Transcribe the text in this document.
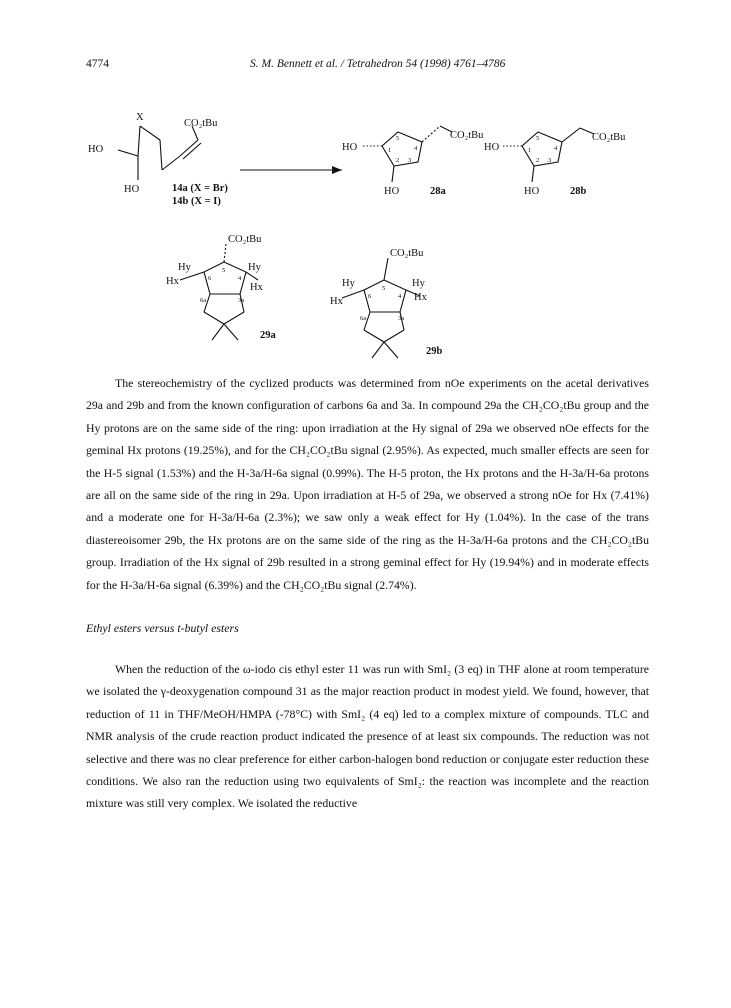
4774	S. M. Bennett et al. / Tetrahedron 54 (1998) 4761–4786
X
CO₂tBu
HO
HO	14a (X = Br)
14b (X = I)
HO
CO₂tBu
HO	28a
HO
CO₂tBu
HO	28b
CO₂tBu
Hy	Hy
Hx
Hx
29a
CO₂tBu
Hy	Hy
Hx	Hx
29b
5
4
1
2 3
5
4
1
2 3
5
6	4
6a	3a
5
6	4
6a	3a

The stereochemistry of the cyclized products was determined from nOe experiments on the acetal derivatives 29a and 29b and from the known configuration of carbons 6a and 3a. In compound 29a the CH₂CO₂tBu group and the Hy protons are on the same side of the ring: upon irradiation at the Hy signal of 29a we observed nOe effects for the geminal Hx protons (19.25%), and for the CH₂CO₂tBu signal (2.95%). As expected, much smaller effects are seen for the H-5 signal (1.53%) and the H-3a/H-6a signal (0.99%). The H-5 proton, the Hx protons and the H-3a/H-6a protons are all on the same side of the ring in 29a. Upon irradiation at H-5 of 29a, we observed a strong nOe for Hx (7.41%) and a moderate one for H-3a/H-6a (2.3%); we saw only a weak effect for Hy (1.04%). In the case of the trans diastereoisomer 29b, the Hx protons are on the same side of the ring as the H-3a/H-6a protons and the CH₂CO₂tBu group. Irradiation of the Hx signal of 29b resulted in a strong geminal effect for Hy (19.94%) and in moderate effects for the H-3a/H-6a signal (6.39%) and the CH₂CO₂tBu signal (2.74%).

Ethyl esters versus t-butyl esters

When the reduction of the ω-iodo cis ethyl ester 11 was run with SmI₂ (3 eq) in THF alone at room temperature we isolated the γ-deoxygenation compound 31 as the major reaction product in modest yield. We found, however, that reduction of 11 in THF/MeOH/HMPA (-78°C) with SmI₂ (4 eq) led to a complex mixture of compounds. TLC and NMR analysis of the crude reaction product indicated the presence of at least six compounds. The reduction was not selective and there was no clear preference for either carbon-halogen bond reduction or conjugate ester reduction these conditions. We also ran the reduction using two equivalents of SmI₂: the reaction was incomplete and the reaction mixture was still very complex. We isolated the reductive
